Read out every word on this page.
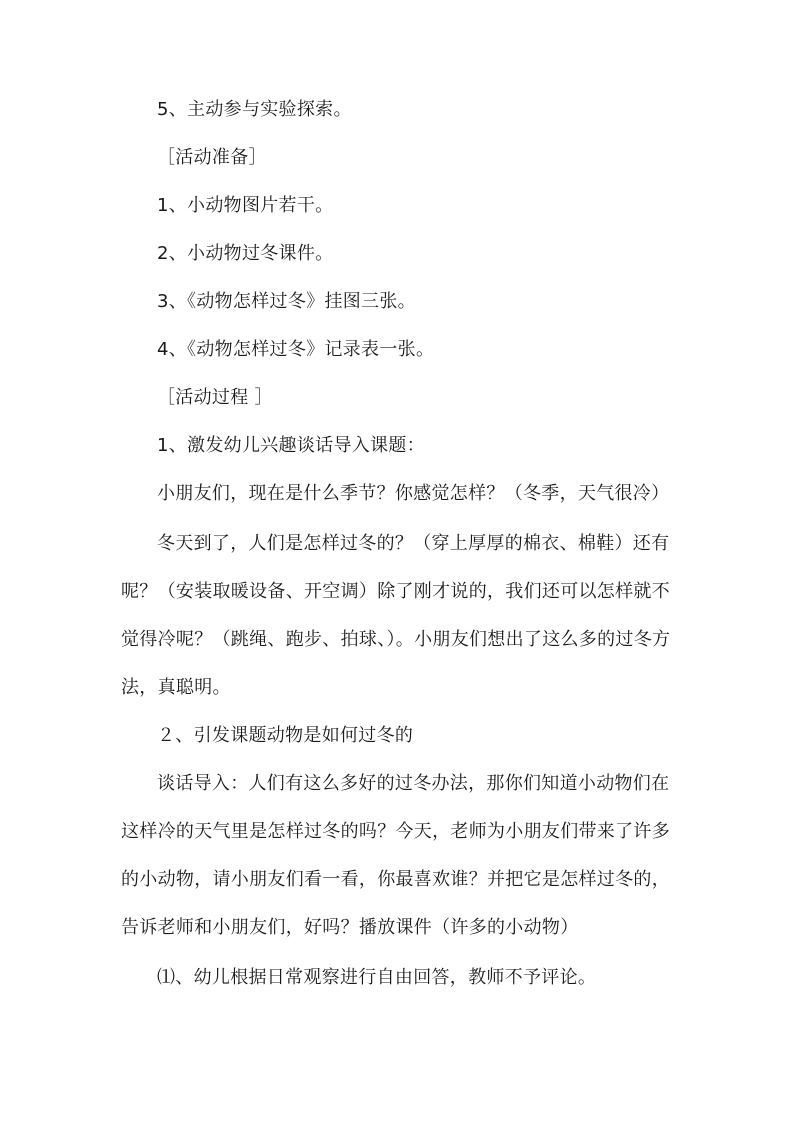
5、主动参与实验探索。
［活动准备］
1、小动物图片若干。
2、小动物过冬课件。
3、《动物怎样过冬》挂图三张。
4、《动物怎样过冬》记录表一张。
［活动过程 ］
1、激发幼儿兴趣谈话导入课题：
小朋友们，现在是什么季节？你感觉怎样？（冬季，天气很冷）
冬天到了，人们是怎样过冬的？（穿上厚厚的棉衣、棉鞋）还有
呢？（安装取暖设备、开空调）除了刚才说的，我们还可以怎样就不
觉得冷呢？（跳绳、跑步、拍球、）。小朋友们想出了这么多的过冬方
法，真聪明。
２、引发课题动物是如何过冬的
谈话导入：人们有这么多好的过冬办法，那你们知道小动物们在
这样冷的天气里是怎样过冬的吗？今天，老师为小朋友们带来了许多
的小动物，请小朋友们看一看，你最喜欢谁？并把它是怎样过冬的，
告诉老师和小朋友们，好吗？播放课件（许多的小动物）
⑴、幼儿根据日常观察进行自由回答，教师不予评论。
